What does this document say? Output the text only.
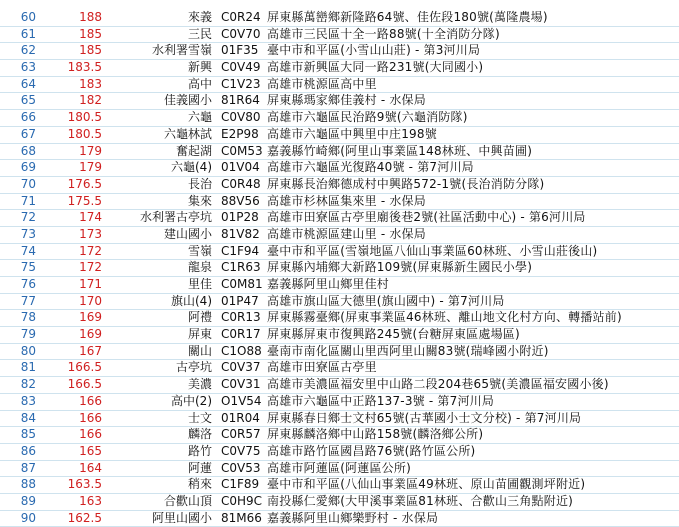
60	188	來義 C0R24 屏東縣萬巒鄉新隆路64號、佳佐段180號(萬隆農場)
61	185	三民 C0V70 高雄市三民區十全一路88號(十全消防分隊)
62	185	水利署雪嶺 01F35 臺中市和平區(小雪山山莊) - 第3河川局
63	183.5	新興 C0V49 高雄市新興區大同一路231號(大同國小)
64	183	高中 C1V23 高雄市桃源區高中里
65	182	佳義國小 81R64 屏東縣瑪家鄉佳義村 - 水保局
66	180.5	六龜 C0V80 高雄市六龜區民治路9號(六龜消防隊)
67	180.5	六龜林試 E2P98 高雄市六龜區中興里中庄198號
68	179	奮起湖 C0M53 嘉義縣竹崎鄉(阿里山事業區148林班、中興苗圃)
69	179	六龜(4) 01V04 高雄市六龜區光復路40號 - 第7河川局
70	176.5	長治 C0R48 屏東縣長治鄉德成村中興路572-1號(長治消防分隊)
71	175.5	集來 88V56 高雄市杉林區集來里 - 水保局
72	174	水利署古亭坑 01P28 高雄市田寮區古亭里廟後巷2號(社區活動中心) - 第6河川局
73	173	建山國小 81V82 高雄市桃源區建山里 - 水保局
74	172	雪嶺 C1F94 臺中市和平區(雪嶺地區八仙山事業區60林班、小雪山莊後山)
75	172	龍泉 C1R63 屏東縣內埔鄉大新路109號(屏東縣新生國民小學)
76	171	里佳 C0M81 嘉義縣阿里山鄉里佳村
77	170	旗山(4) 01P47 高雄市旗山區大德里(旗山國中) - 第7河川局
78	169	阿禮 C0R13 屏東縣霧臺鄉(屏東事業區46林班、離山地文化村方向、轉播站前)
79	169	屏東 C0R17 屏東縣屏東市復興路245號(台糖屏東區處場區)
80	167	關山 C1O88 臺南市南化區關山里西阿里山關83號(瑞峰國小附近)
81	166.5	古亭坑 C0V37 高雄市田寮區古亭里
82	166.5	美濃 C0V31 高雄市美濃區福安里中山路二段204巷65號(美濃區福安國小後)
83	166	高中(2) O1V54 高雄市六龜區中正路137-3號 - 第7河川局
84	166	士文 01R04 屏東縣春日鄉士文村65號(古華國小士文分校) - 第7河川局
85	166	麟洛 C0R57 屏東縣麟洛鄉中山路158號(麟洛鄉公所)
86	165	路竹 C0V75 高雄市路竹區國昌路76號(路竹區公所)
87	164	阿蓮 C0V53 高雄市阿蓮區(阿蓮區公所)
88	163.5	稍來 C1F89 臺中市和平區(八仙山事業區49林班、原山苗圃觀測坪附近)
89	163	合歡山頂 C0H9C 南投縣仁愛鄉(大甲溪事業區81林班、合歡山三角點附近)
90	162.5	阿里山國小 81M66 嘉義縣阿里山鄉樂野村 - 水保局
